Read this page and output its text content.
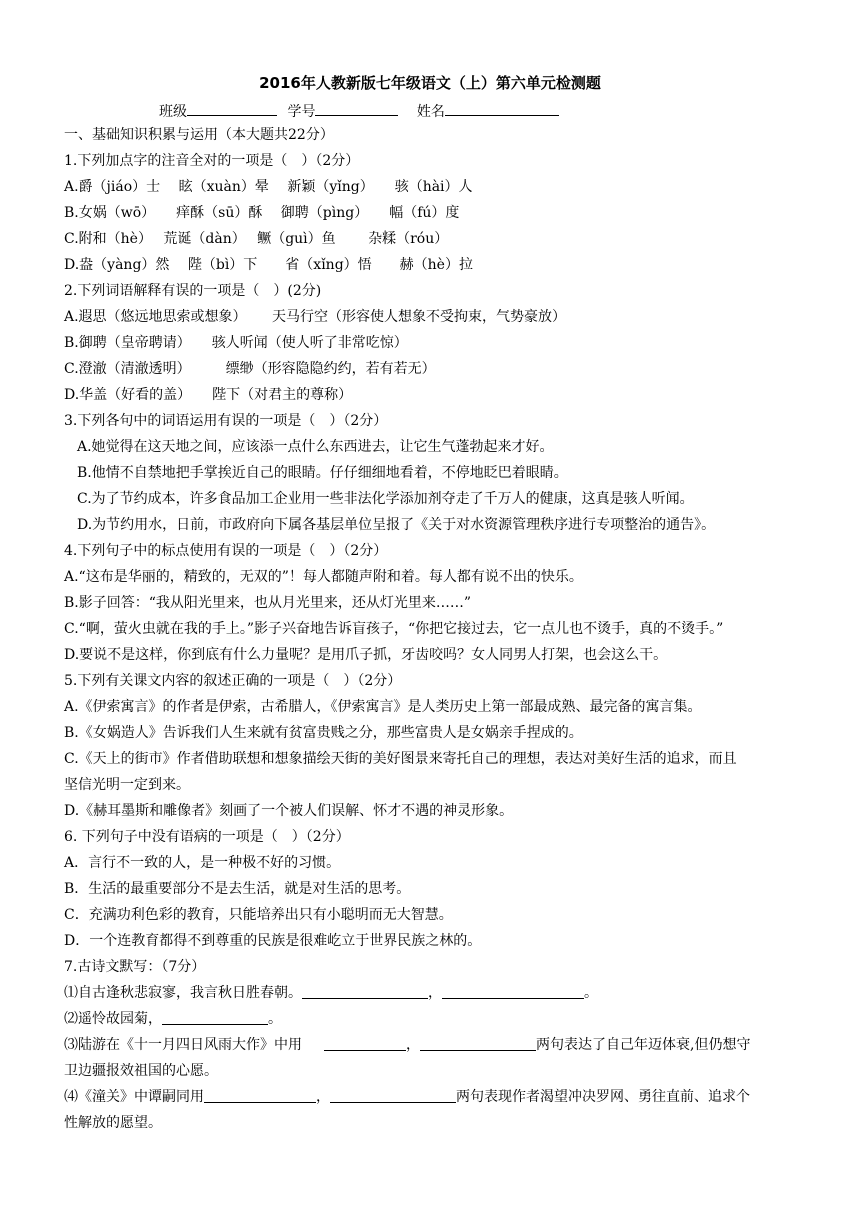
2016年人教新版七年级语文（上）第六单元检测题
班级	学号	姓名
一、基础知识积累与运用（本大题共22分）
1.下列加点字的注音全对的一项是（　）（2分）
A.爵（jiáo）士　 眩（xuàn）晕　 新颖（yǐng）　　骇（hài）人
B.女娲（wō）　　痒酥（sū）酥　 御聘（pìng）　　幅（fú）度
C.附和（hè）　 荒诞（dàn）　 鳜（guì）鱼　　 杂糅（róu）
D.盎（yàng）然　 陛（bì）下　　省（xǐng）悟　　赫（hè）拉
2.下列词语解释有误的一项是（　）(2分)
A.遐思（悠远地思索或想象）　　 天马行空（形容使人想象不受拘束，气势豪放）
B.御聘（皇帝聘请）　　骇人听闻（使人听了非常吃惊）
C.澄澈（清澈透明）　　　缥缈（形容隐隐约约，若有若无）
D.华盖（好看的盖）　　陛下（对君主的尊称）
3.下列各句中的词语运用有误的一项是（　）（2分）
A.她觉得在这天地之间，应该添一点什么东西进去，让它生气蓬勃起来才好。
B.他情不自禁地把手掌挨近自己的眼睛。仔仔细细地看着，不停地眨巴着眼睛。
C.为了节约成本，许多食品加工企业用一些非法化学添加剂夺走了千万人的健康，这真是骇人听闻。
D.为节约用水，日前，市政府向下属各基层单位呈报了《关于对水资源管理秩序进行专项整治的通告》。
4.下列句子中的标点使用有误的一项是（　）（2分）
A.“这布是华丽的，精致的，无双的”！每人都随声附和着。每人都有说不出的快乐。
B.影子回答：“我从阳光里来，也从月光里来，还从灯光里来……”
C.“啊，萤火虫就在我的手上。”影子兴奋地告诉盲孩子，“你把它接过去，它一点儿也不烫手，真的不烫手。”
D.要说不是这样，你到底有什么力量呢？是用爪子抓，牙齿咬吗？女人同男人打架，也会这么干。
5.下列有关课文内容的叙述正确的一项是（　）（2分）
A.《伊索寓言》的作者是伊索，古希腊人，《伊索寓言》是人类历史上第一部最成熟、最完备的寓言集。
B.《女娲造人》告诉我们人生来就有贫富贵贱之分，那些富贵人是女娲亲手捏成的。
C.《天上的街市》作者借助联想和想象描绘天街的美好图景来寄托自己的理想，表达对美好生活的追求，而且
坚信光明一定到来。
D.《赫耳墨斯和雕像者》刻画了一个被人们误解、怀才不遇的神灵形象。
6. 下列句子中没有语病的一项是（　）（2分）
A．言行不一致的人，是一种极不好的习惯。
B．生活的最重要部分不是去生活，就是对生活的思考。
C．充满功利色彩的教育，只能培养出只有小聪明而无大智慧。
D．一个连教育都得不到尊重的民族是很难屹立于世界民族之林的。
7.古诗文默写：（7分）
⑴自古逢秋悲寂寥，我言秋日胜春朝。	，	。
⑵遥怜故园菊，	。
⑶陆游在《十一月四日风雨大作》中用	，	两句表达了自己年迈体衰,但仍想守
卫边疆报效祖国的心愿。
⑷《潼关》中谭嗣同用	，	两句表现作者渴望冲决罗网、勇往直前、追求个
性解放的愿望。
